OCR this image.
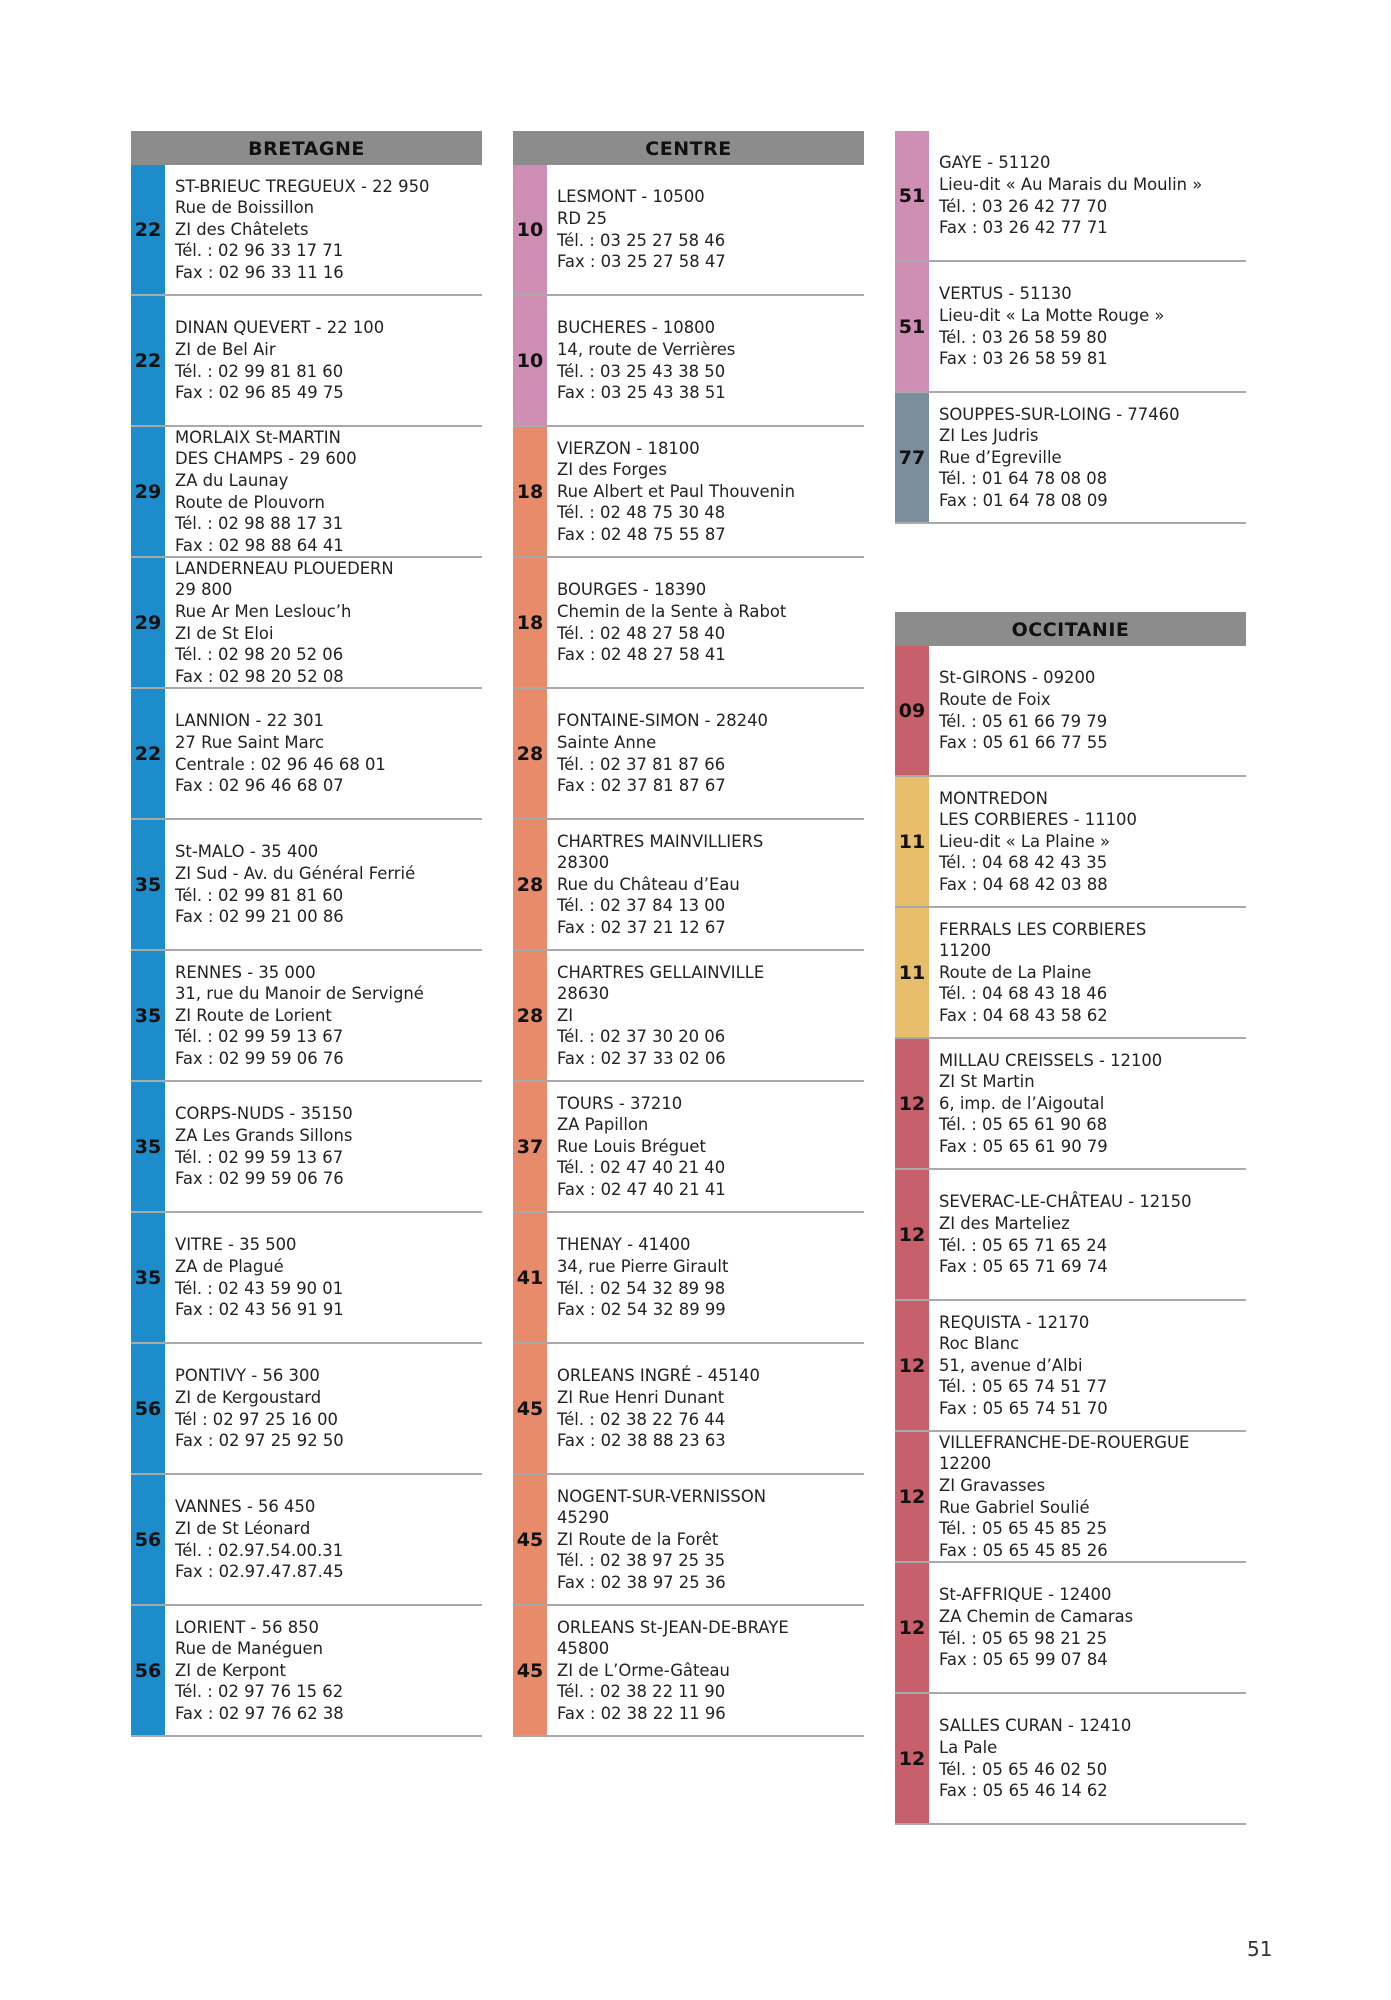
BRETAGNE
22
ST-BRIEUC TREGUEUX - 22 950
Rue de Boissillon
ZI des Châtelets
Tél. : 02 96 33 17 71
Fax : 02 96 33 11 16
22
DINAN QUEVERT - 22 100
ZI de Bel Air
Tél. : 02 99 81 81 60
Fax : 02 96 85 49 75
29
MORLAIX St-MARTIN
DES CHAMPS - 29 600
ZA du Launay
Route de Plouvorn
Tél. : 02 98 88 17 31
Fax : 02 98 88 64 41
29
LANDERNEAU PLOUEDERN
29 800
Rue Ar Men Leslouc’h
ZI de St Eloi
Tél. : 02 98 20 52 06
Fax : 02 98 20 52 08
22
LANNION - 22 301
27 Rue Saint Marc
Centrale : 02 96 46 68 01
Fax : 02 96 46 68 07
35
St-MALO - 35 400
ZI Sud - Av. du Général Ferrié
Tél. : 02 99 81 81 60
Fax : 02 99 21 00 86
35
RENNES - 35 000
31, rue du Manoir de Servigné
ZI Route de Lorient
Tél. : 02 99 59 13 67
Fax : 02 99 59 06 76
35
CORPS-NUDS - 35150
ZA Les Grands Sillons
Tél. : 02 99 59 13 67
Fax : 02 99 59 06 76
35
VITRE - 35 500
ZA de Plagué
Tél. : 02 43 59 90 01
Fax : 02 43 56 91 91
56
PONTIVY - 56 300
ZI de Kergoustard
Tél : 02 97 25 16 00
Fax : 02 97 25 92 50
56
VANNES - 56 450
ZI de St Léonard
Tél. : 02.97.54.00.31
Fax : 02.97.47.87.45
56
LORIENT - 56 850
Rue de Manéguen
ZI de Kerpont
Tél. : 02 97 76 15 62
Fax : 02 97 76 62 38
CENTRE
10
LESMONT - 10500
RD 25
Tél. : 03 25 27 58 46
Fax : 03 25 27 58 47
10
BUCHERES - 10800
14, route de Verrières
Tél. : 03 25 43 38 50
Fax : 03 25 43 38 51
18
VIERZON - 18100
ZI des Forges
Rue Albert et Paul Thouvenin
Tél. : 02 48 75 30 48
Fax : 02 48 75 55 87
18
BOURGES - 18390
Chemin de la Sente à Rabot
Tél. : 02 48 27 58 40
Fax : 02 48 27 58 41
28
FONTAINE-SIMON - 28240
Sainte Anne
Tél. : 02 37 81 87 66
Fax : 02 37 81 87 67
28
CHARTRES MAINVILLIERS
28300
Rue du Château d’Eau
Tél. : 02 37 84 13 00
Fax : 02 37 21 12 67
28
CHARTRES GELLAINVILLE
28630
ZI
Tél. : 02 37 30 20 06
Fax : 02 37 33 02 06
37
TOURS - 37210
ZA Papillon
Rue Louis Bréguet
Tél. : 02 47 40 21 40
Fax : 02 47 40 21 41
41
THENAY - 41400
34, rue Pierre Girault
Tél. : 02 54 32 89 98
Fax : 02 54 32 89 99
45
ORLEANS INGRÉ - 45140
ZI Rue Henri Dunant
Tél. : 02 38 22 76 44
Fax : 02 38 88 23 63
45
NOGENT-SUR-VERNISSON
45290
ZI Route de la Forêt
Tél. : 02 38 97 25 35
Fax : 02 38 97 25 36
45
ORLEANS St-JEAN-DE-BRAYE
45800
ZI de L’Orme-Gâteau
Tél. : 02 38 22 11 90
Fax : 02 38 22 11 96
51
GAYE - 51120
Lieu-dit « Au Marais du Moulin »
Tél. : 03 26 42 77 70
Fax : 03 26 42 77 71
51
VERTUS - 51130
Lieu-dit « La Motte Rouge »
Tél. : 03 26 58 59 80
Fax : 03 26 58 59 81
77
SOUPPES-SUR-LOING - 77460
ZI Les Judris
Rue d’Egreville
Tél. : 01 64 78 08 08
Fax : 01 64 78 08 09
OCCITANIE
09
St-GIRONS - 09200
Route de Foix
Tél. : 05 61 66 79 79
Fax : 05 61 66 77 55
11
MONTREDON
LES CORBIERES - 11100
Lieu-dit « La Plaine »
Tél. : 04 68 42 43 35
Fax : 04 68 42 03 88
11
FERRALS LES CORBIERES
11200
Route de La Plaine
Tél. : 04 68 43 18 46
Fax : 04 68 43 58 62
12
MILLAU CREISSELS - 12100
ZI St Martin
6, imp. de l’Aigoutal
Tél. : 05 65 61 90 68
Fax : 05 65 61 90 79
12
SEVERAC-LE-CHÂTEAU - 12150
ZI des Marteliez
Tél. : 05 65 71 65 24
Fax : 05 65 71 69 74
12
REQUISTA - 12170
Roc Blanc
51, avenue d’Albi
Tél. : 05 65 74 51 77
Fax : 05 65 74 51 70
12
VILLEFRANCHE-DE-ROUERGUE
12200
ZI Gravasses
Rue Gabriel Soulié
Tél. : 05 65 45 85 25
Fax : 05 65 45 85 26
12
St-AFFRIQUE - 12400
ZA Chemin de Camaras
Tél. : 05 65 98 21 25
Fax : 05 65 99 07 84
12
SALLES CURAN - 12410
La Pale
Tél. : 05 65 46 02 50
Fax : 05 65 46 14 62
51
